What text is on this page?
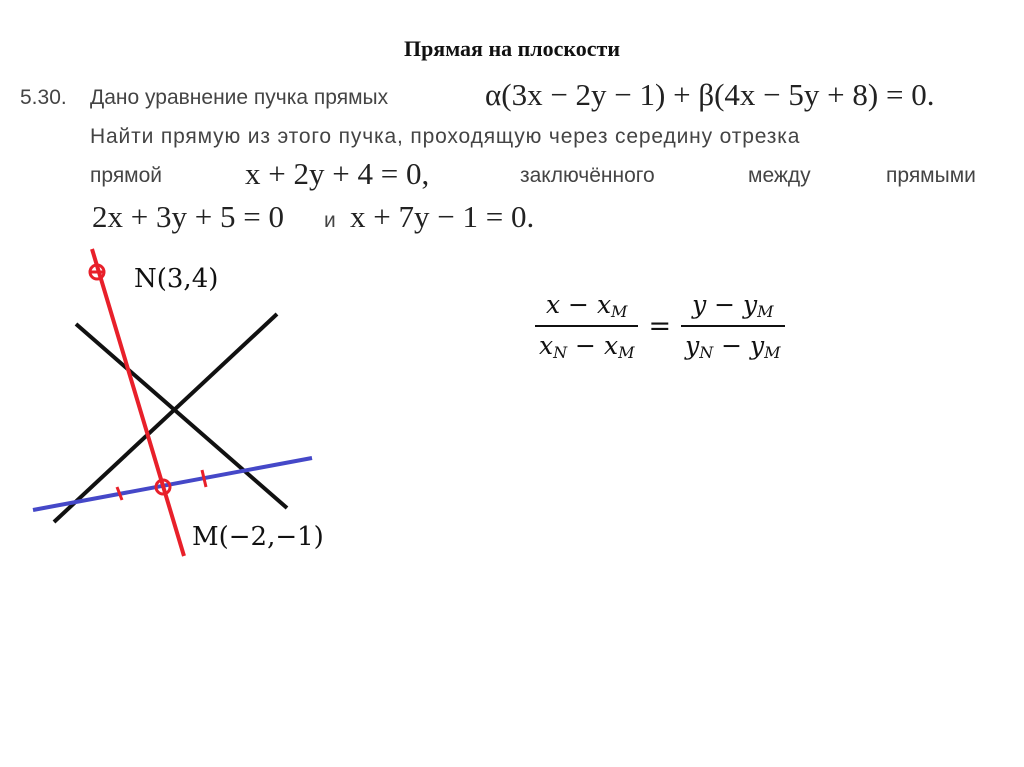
Прямая на плоскости
5.30. Дано уравнение пучка прямых	α(3x − 2y − 1) + β(4x − 5y + 8) = 0.
Найти прямую из этого пучка, проходящую через середину отрезка
прямой	x + 2y + 4 = 0,	заключённого	между	прямыми
2x + 3y + 5 = 0 и x + 7y − 1 = 0.
N(3,4)
M(−2,−1)
$\frac{x - x_M}{x_N - x_M} = \frac{y - y_M}{y_N - y_M}$
